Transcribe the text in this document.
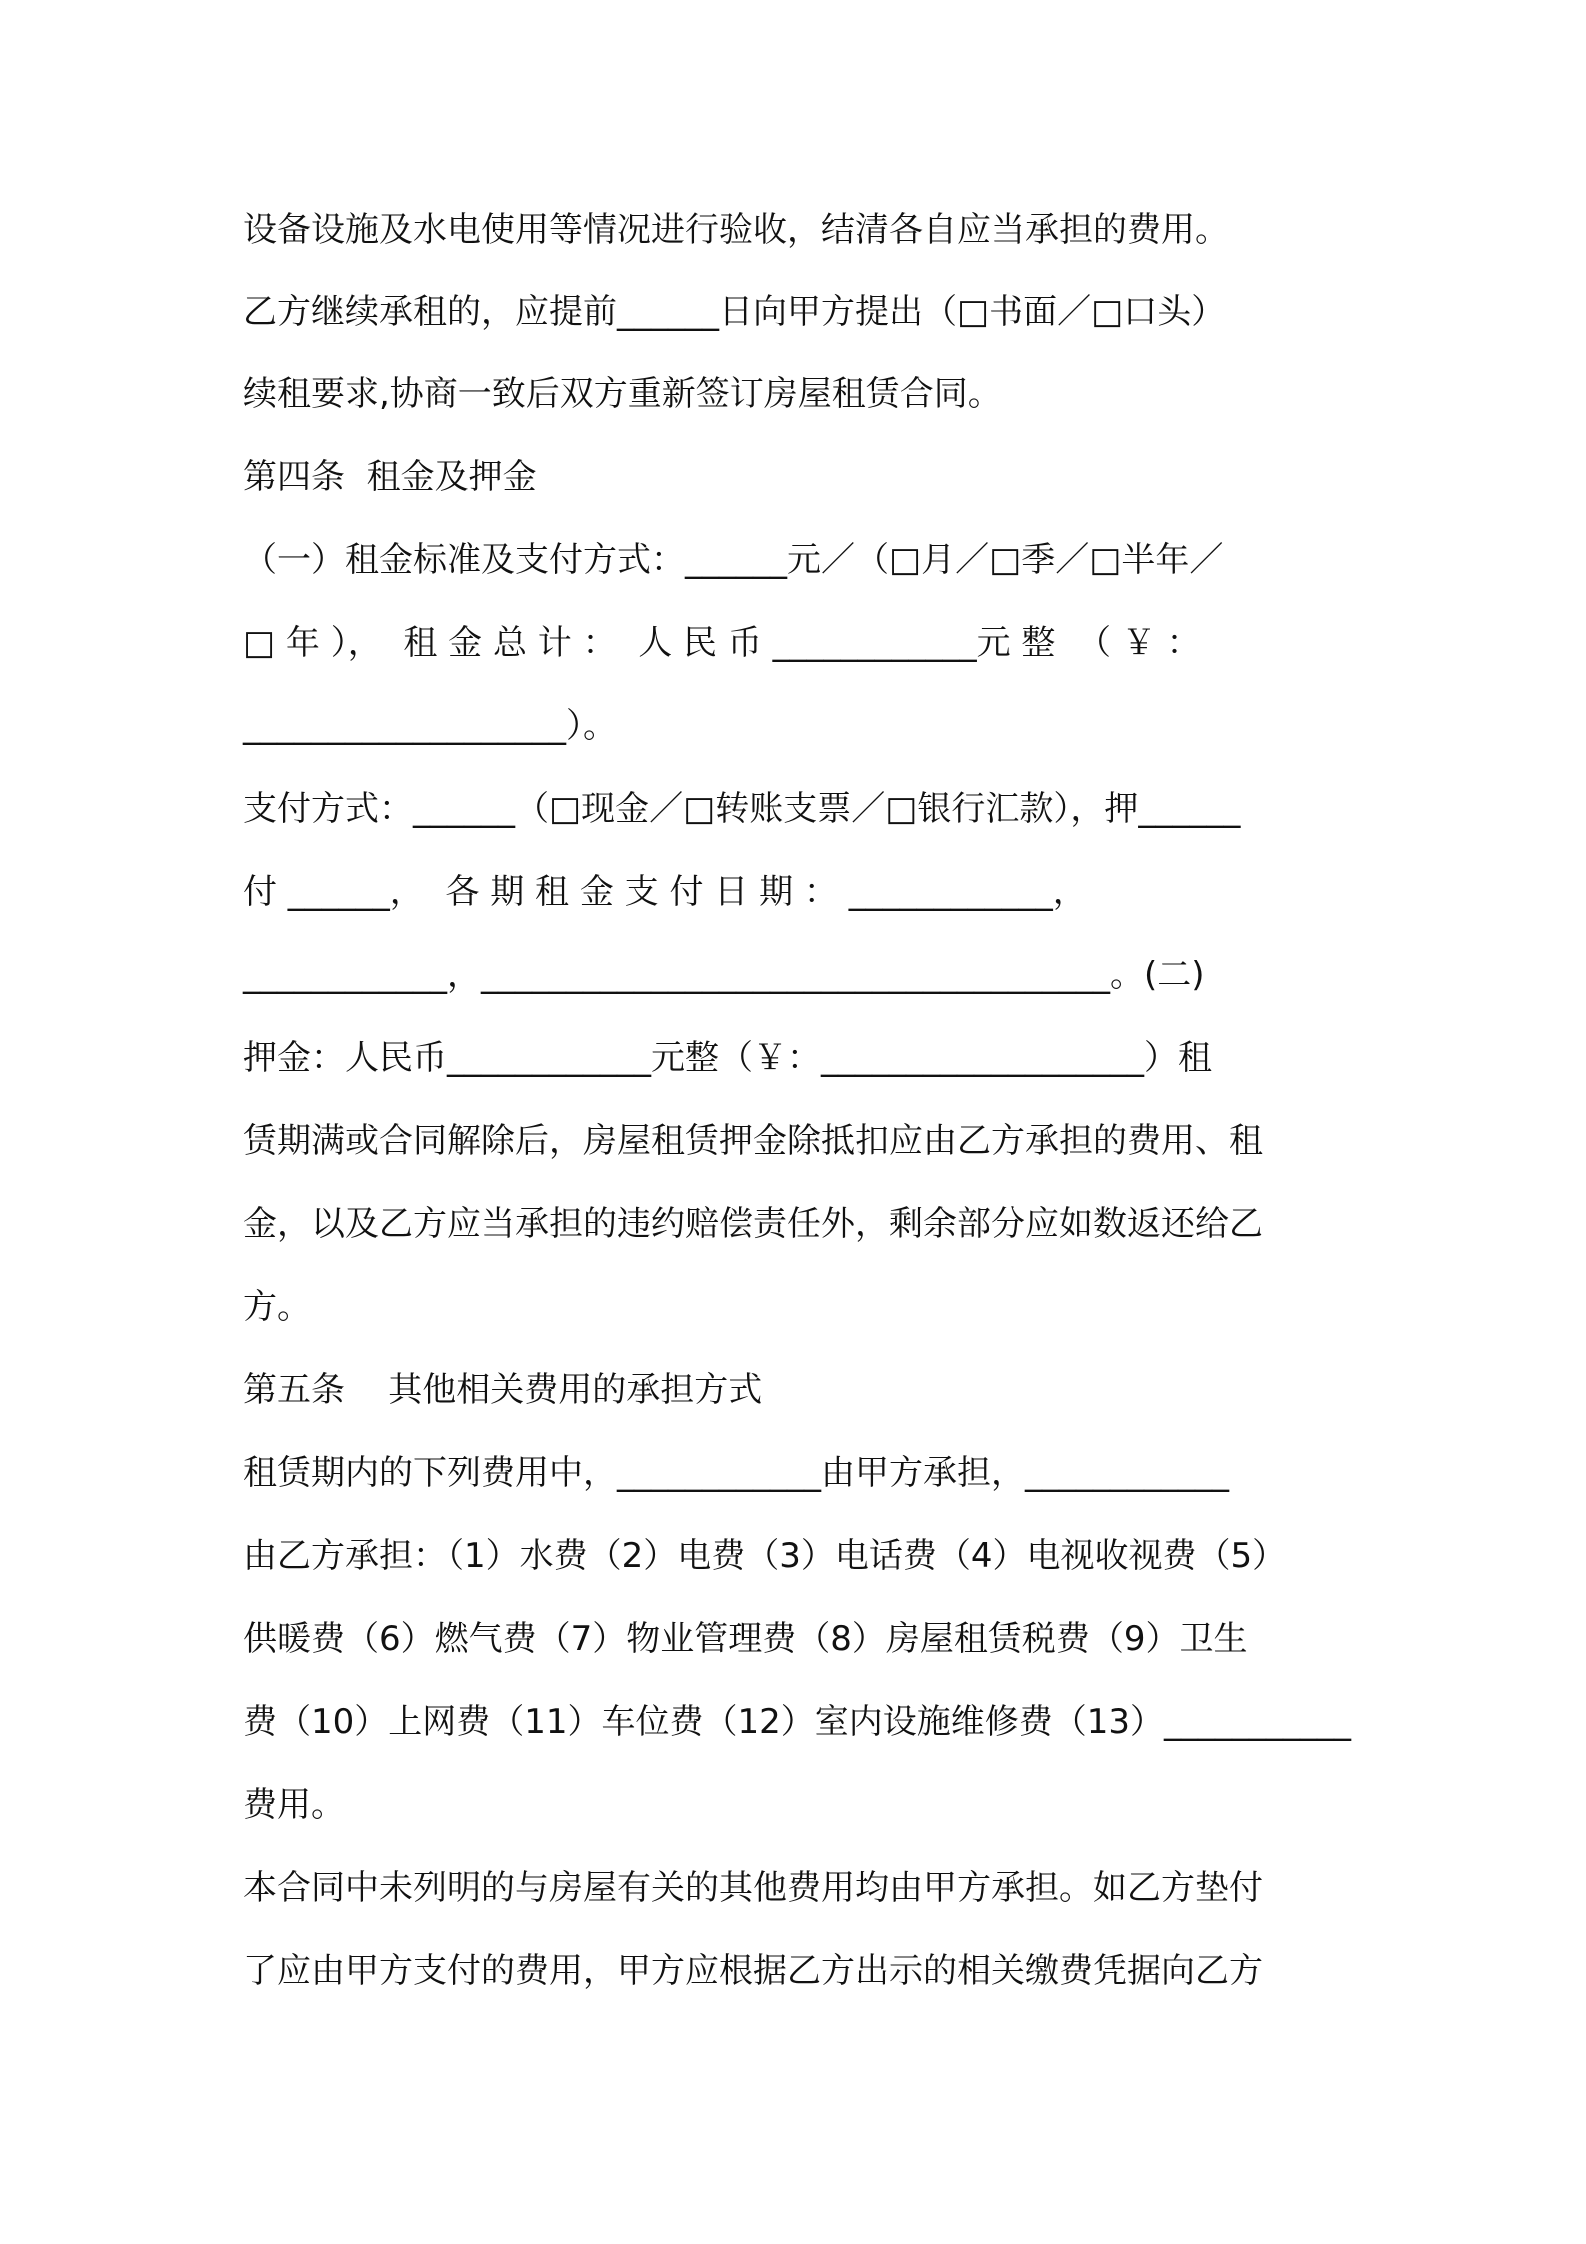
设备设施及水电使用等情况进行验收，结清各自应当承担的费用。
乙方继续承租的，应提前______日向甲方提出（□书面／□口头）
续租要求,协商一致后双方重新签订房屋租赁合同。
第四条  租金及押金
（一）租金标准及支付方式：______元／（□月／□季／□半年／
□ 年 ），  租 金 总 计 ：  人 民 币 ____________元 整  （ ￥ ：
___________________）。
支付方式：______（□现金／□转账支票／□银行汇款），押______
付 ______，  各 期 租 金 支 付 日 期 ： ____________，
____________，_____________________________________。(二)
押金：人民币____________元整（￥：___________________）租
赁期满或合同解除后，房屋租赁押金除抵扣应由乙方承担的费用、租
金，以及乙方应当承担的违约赔偿责任外，剩余部分应如数返还给乙
方。
第五条    其他相关费用的承担方式
租赁期内的下列费用中，____________由甲方承担，____________
由乙方承担：（1）水费（2）电费（3）电话费（4）电视收视费（5）
供暖费（6）燃气费（7）物业管理费（8）房屋租赁税费（9）卫生
费（10）上网费（11）车位费（12）室内设施维修费（13）___________
费用。
本合同中未列明的与房屋有关的其他费用均由甲方承担。如乙方垫付
了应由甲方支付的费用，甲方应根据乙方出示的相关缴费凭据向乙方
